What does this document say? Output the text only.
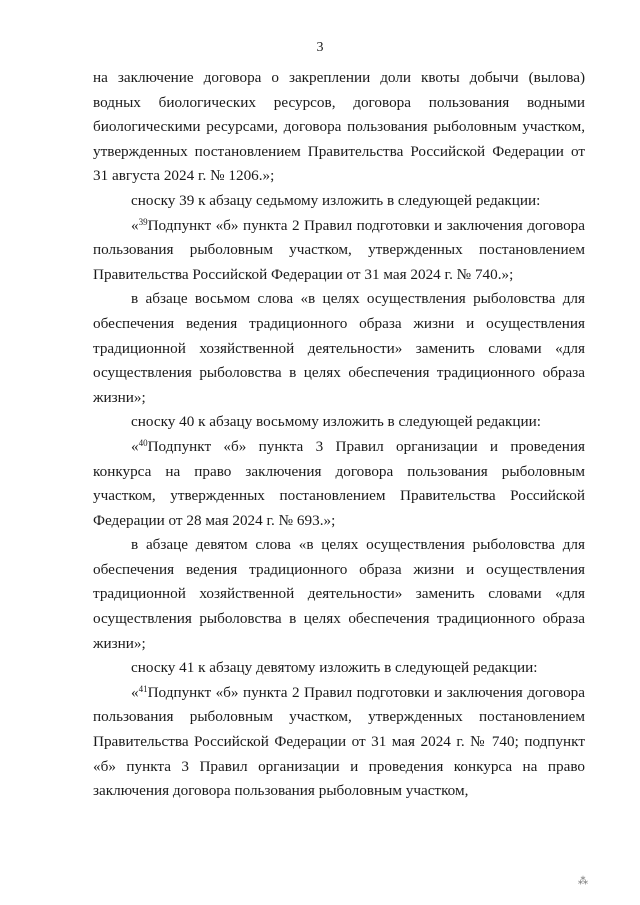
3

на заключение договора о закреплении доли квоты добычи (вылова) водных биологических ресурсов, договора пользования водными биологическими ресурсами, договора пользования рыболовным участком, утвержденных постановлением Правительства Российской Федерации от 31 августа 2024 г. № 1206.»;

сноску 39 к абзацу седьмому изложить в следующей редакции:

«$^{39}$Подпункт «б» пункта 2 Правил подготовки и заключения договора пользования рыболовным участком, утвержденных постановлением Правительства Российской Федерации от 31 мая 2024 г. № 740.»;

в абзаце восьмом слова «в целях осуществления рыболовства для обеспечения ведения традиционного образа жизни и осуществления традиционной хозяйственной деятельности» заменить словами «для осуществления рыболовства в целях обеспечения традиционного образа жизни»;

сноску 40 к абзацу восьмому изложить в следующей редакции:

«$^{40}$Подпункт «б» пункта 3 Правил организации и проведения конкурса на право заключения договора пользования рыболовным участком, утвержденных постановлением Правительства Российской Федерации от 28 мая 2024 г. № 693.»;

в абзаце девятом слова «в целях осуществления рыболовства для обеспечения ведения традиционного образа жизни и осуществления традиционной хозяйственной деятельности» заменить словами «для осуществления рыболовства в целях обеспечения традиционного образа жизни»;

сноску 41 к абзацу девятому изложить в следующей редакции:

«$^{41}$Подпункт «б» пункта 2 Правил подготовки и заключения договора пользования рыболовным участком, утвержденных постановлением Правительства Российской Федерации от 31 мая 2024 г. № 740; подпункт «б» пункта 3 Правил организации и проведения конкурса на право заключения договора пользования рыболовным участком,

⁂
